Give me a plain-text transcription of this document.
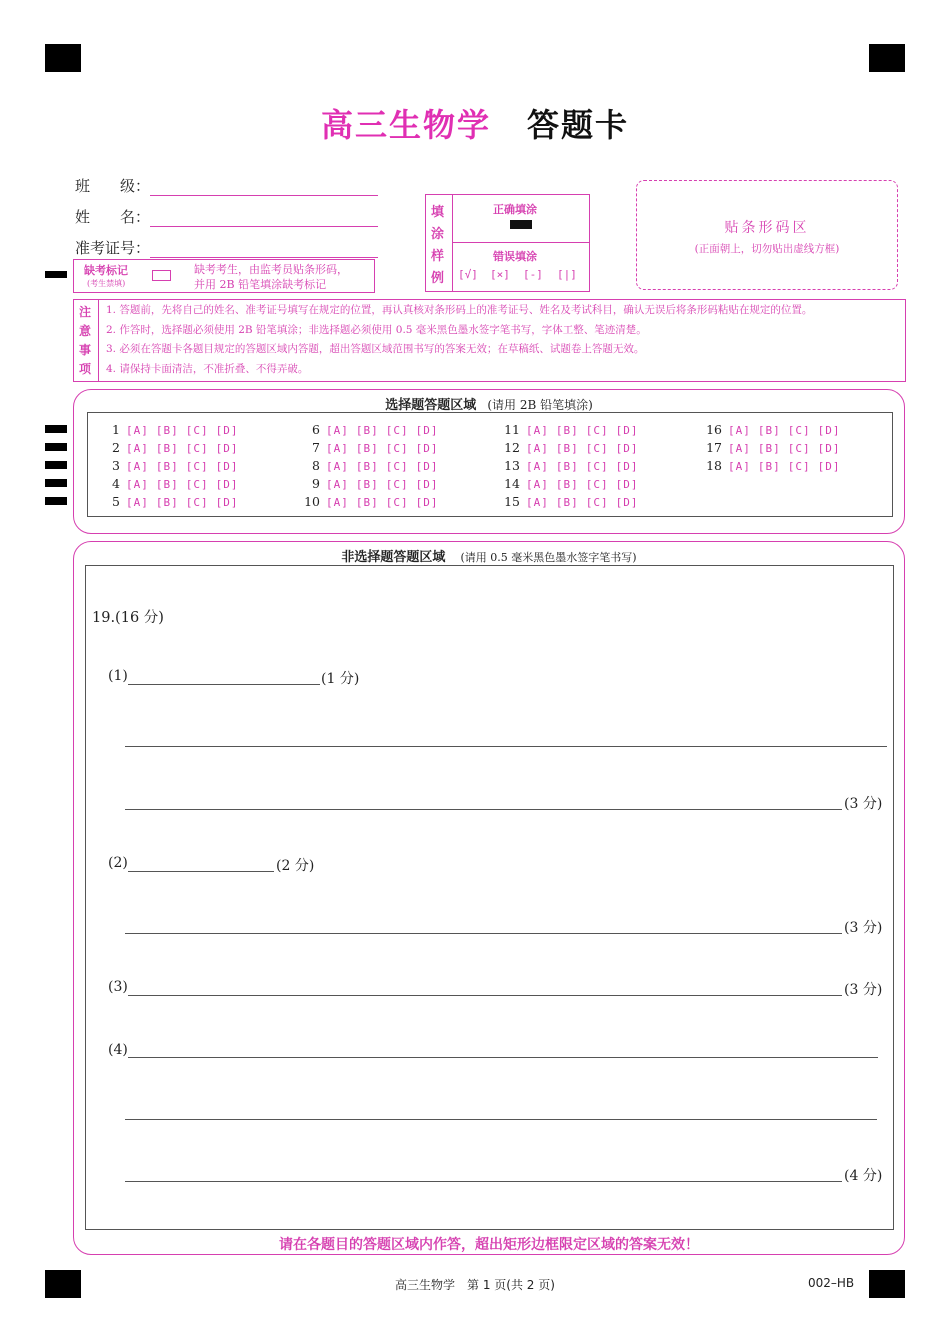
高三生物学 答题卡
班　　级：
姓　　名：
准考证号：
缺考标记
(考生禁填)
缺考考生，由监考员贴条形码，
并用 2B 铅笔填涂缺考标记
填
涂
样
例
正确填涂
错误填涂
[√] [×] [-] [|]
贴条形码区
(正面朝上，切勿贴出虚线方框)
注
意
事
项

1. 答题前，先将自己的姓名、准考证号填写在规定的位置，再认真核对条形码上的准考证号、姓名及考试科目，确认无误后将条形码粘贴在规定的位置。

2. 作答时，选择题必须使用 2B 铅笔填涂；非选择题必须使用 0.5 毫米黑色墨水签字笔书写，字体工整、笔迹清楚。

3. 必须在答题卡各题目规定的答题区域内答题，超出答题区域范围书写的答案无效；在草稿纸、试题卷上答题无效。

4. 请保持卡面清洁，不准折叠、不得弄破。

选择题答题区域 (请用 2B 铅笔填涂)
1 [A] [B] [C] [D]
2 [A] [B] [C] [D]
3 [A] [B] [C] [D]
4 [A] [B] [C] [D]
5 [A] [B] [C] [D]
6 [A] [B] [C] [D]
7 [A] [B] [C] [D]
8 [A] [B] [C] [D]
9 [A] [B] [C] [D]
10 [A] [B] [C] [D]
11 [A] [B] [C] [D]
12 [A] [B] [C] [D]
13 [A] [B] [C] [D]
14 [A] [B] [C] [D]
15 [A] [B] [C] [D]
16 [A] [B] [C] [D]
17 [A] [B] [C] [D]
18 [A] [B] [C] [D]
非选择题答题区域 (请用 0.5 毫米黑色墨水签字笔书写)
请在各题目的答题区域内作答，超出矩形边框限定区域的答案无效！
19.(16 分)
(1)	(1 分)
(3 分)
(2)	(2 分)
(3 分)
(3)	(3 分)
(4)
(4 分)
高三生物学　第 1 页(共 2 页)	002–HB
